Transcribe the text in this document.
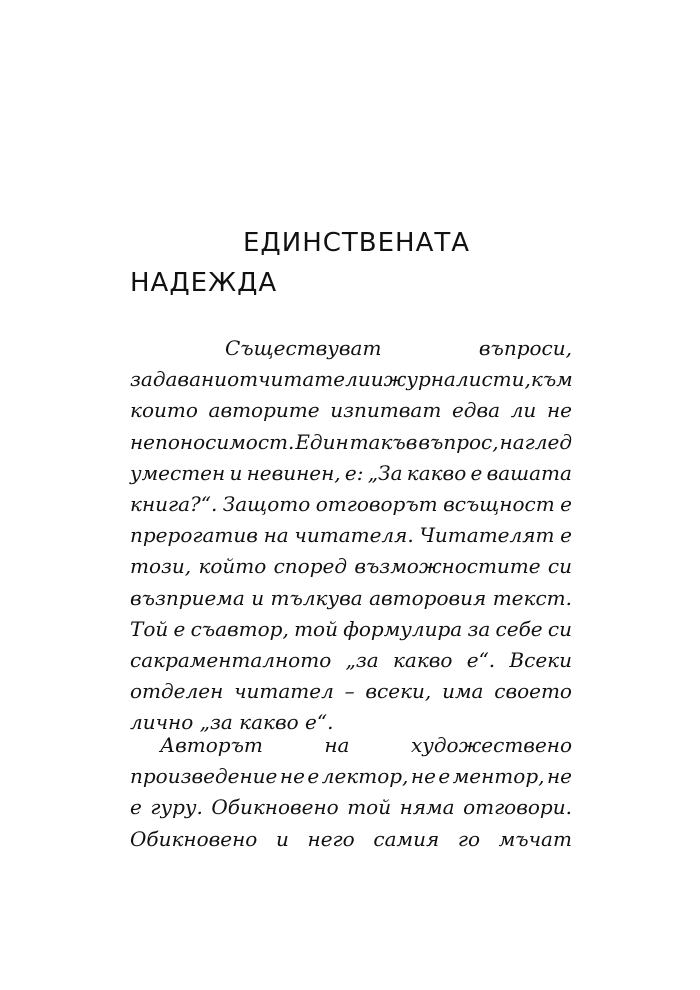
ЕДИНСТВЕНАТА
НАДЕЖДА
Съществуват	въпроси,
задавани от читатели и журналисти, към
които авторите изпитват едва ли не
непоносимост. Един такъв въпрос, наглед
уместен и невинен, е: „За какво е вашата
книга?“. Защото отговорът всъщност е
прерогатив на читателя. Читателят е
този, който според възможностите си
възприема и тълкува авторовия текст.
Той е съавтор, той формулира за себе си
сакраменталното „за какво е“. Всеки
отделен читател – всеки, има своето
лично „за какво е“.
Авторът	на	художествено
произведение не е лектор, не е ментор, не
е гуру. Обикновено той няма отговори.
Обикновено и него самия го мъчат
